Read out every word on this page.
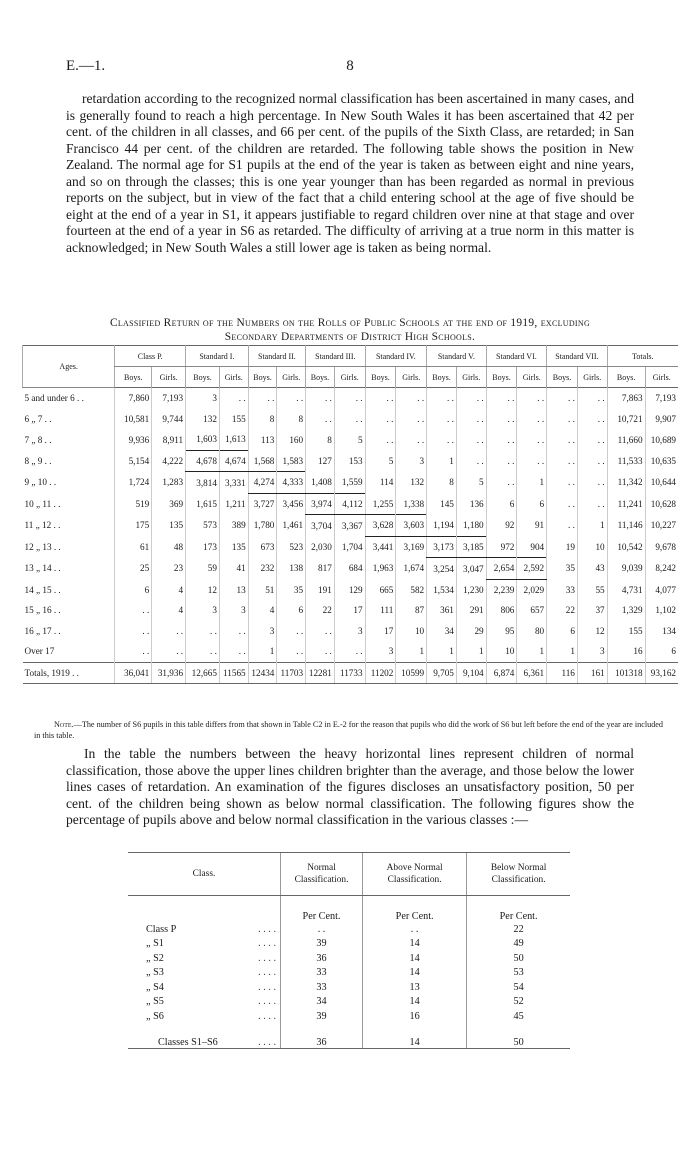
E.—1.	8

retardation according to the recognized normal classification has been ascertained in many cases, and is generally found to reach a high percentage. In New South Wales it has been ascertained that 42 per cent. of the children in all classes, and 66 per cent. of the pupils of the Sixth Class, are retarded; in San Francisco 44 per cent. of the children are retarded. The following table shows the position in New Zealand. The normal age for S1 pupils at the end of the year is taken as between eight and nine years, and so on through the classes; this is one year younger than has been regarded as normal in previous reports on the subject, but in view of the fact that a child entering school at the age of five should be eight at the end of a year in S1, it appears justifiable to regard children over nine at that stage and over fourteen at the end of a year in S6 as retarded. The difficulty of arriving at a true norm in this matter is acknowledged; in New South Wales a still lower age is taken as being normal.

Classified Return of the Numbers on the Rolls of Public Schools at the end of 1919, excluding
Secondary Departments of District High Schools.
Ages.	Class P.		Standard I.		Standard II.		Standard III.		Standard IV.		Standard V.		Standard VI.		Standard VII.		Totals.	
	Boys.	Girls.	Boys.	Girls.	Boys.	Girls.	Boys.	Girls.	Boys.	Girls.	Boys.	Girls.	Boys.	Girls.	Boys.	Girls.	Boys.	Girls.
5 and under 6 . .	7,860	7,193	3	. .	. .	. .	. .	. .	. .	. .	. .	. .	. .	. .	. .	. .	7,863	7,193
6 „ 7 . .	10,581	9,744	132	155	8	8	. .	. .	. .	. .	. .	. .	. .	. .	. .	. .	10,721	9,907
7 „ 8 . .	9,936	8,911	1,603	1,613	113	160	8	5	. .	. .	. .	. .	. .	. .	. .	. .	11,660	10,689
8 „ 9 . .	5,154	4,222	4,678	4,674	1,568	1,583	127	153	5	3	1	. .	. .	. .	. .	. .	11,533	10,635
9 „ 10 . .	1,724	1,283	3,814	3,331	4,274	4,333	1,408	1,559	114	132	8	5	. .	1	. .	. .	11,342	10,644
10 „ 11 . .	519	369	1,615	1,211	3,727	3,456	3,974	4,112	1,255	1,338	145	136	6	6	. .	. .	11,241	10,628
11 „ 12 . .	175	135	573	389	1,780	1,461	3,704	3,367	3,628	3,603	1,194	1,180	92	91	. .	1	11,146	10,227
12 „ 13 . .	61	48	173	135	673	523	2,030	1,704	3,441	3,169	3,173	3,185	972	904	19	10	10,542	9,678
13 „ 14 . .	25	23	59	41	232	138	817	684	1,963	1,674	3,254	3,047	2,654	2,592	35	43	9,039	8,242
14 „ 15 . .	6	4	12	13	51	35	191	129	665	582	1,534	1,230	2,239	2,029	33	55	4,731	4,077
15 „ 16 . .	. .	4	3	3	4	6	22	17	111	87	361	291	806	657	22	37	1,329	1,102
16 „ 17 . .	. .	. .	. .	. .	3	. .	. .	3	17	10	34	29	95	80	6	12	155	134
Over 17	. .	. .	. .	. .	1	. .	. .	. .	3	1	1	1	10	1	1	3	16	6
Totals, 1919 . .	36,041	31,936	12,665	11565	12434	11703	12281	11733	11202	10599	9,705	9,104	6,874	6,361	116	161	101318	93,162

Note.—The number of S6 pupils in this table differs from that shown in Table C2 in E.-2 for the reason that pupils who did the work of S6 but left before the end of the year are included in this table.

In the table the numbers between the heavy horizontal lines represent children of normal classification, those above the upper lines children brighter than the average, and those below the lower lines cases of retardation. An examination of the figures discloses an unsatisfactory position, 50 per cent. of the children being shown as below normal classification. The following figures show the percentage of pupils above and below normal classification in the various classes :—

Class.	Normal Classification.	Above Normal Classification.	Below Normal Classification.
	Per Cent.	Per Cent.	Per Cent.
Class P . . . .	. .	. .	22
„ S1 . . . .	39	14	49
„ S2 . . . .	36	14	50
„ S3 . . . .	33	14	53
„ S4 . . . .	33	13	54
„ S5 . . . .	34	14	52
„ S6 . . . .	39	16	45
Classes S1–S6 . . . .	36	14	50
